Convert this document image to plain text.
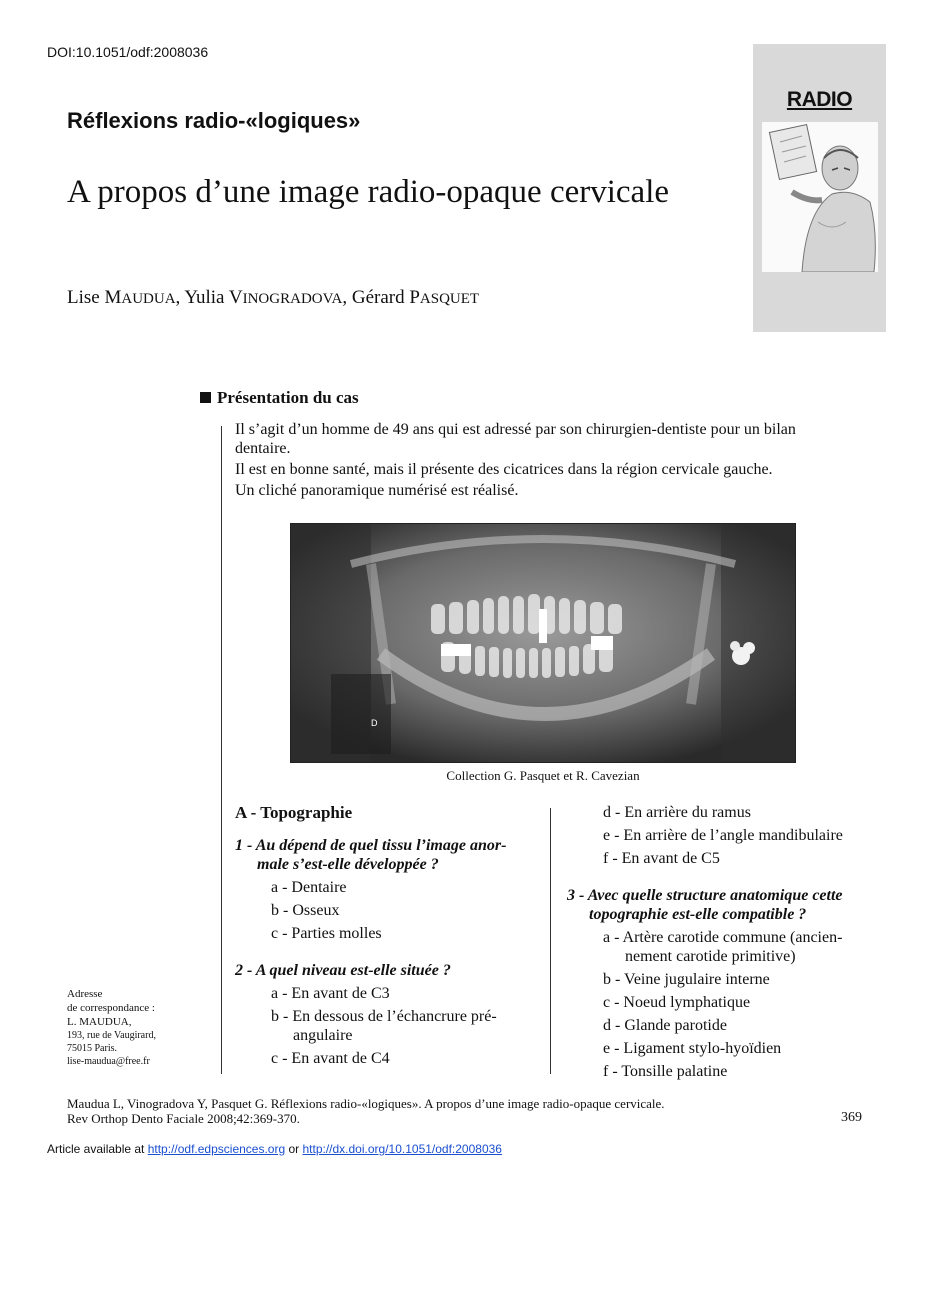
DOI:10.1051/odf:2008036
Réflexions radio-«logiques»
A propos d’une image radio-opaque cervicale
Lise MAUDUA, Yulia VINOGRADOVA, Gérard PASQUET
RADIO
Présentation du cas

Il s’agit d’un homme de 49 ans qui est adressé par son chirurgien-dentiste pour un bilan dentaire.

Il est en bonne santé, mais il présente des cicatrices dans la région cervicale gauche.

Un cliché panoramique numérisé est réalisé.

D
Collection G. Pasquet et R. Cavezian
A - Topographie
1 - Au dépend de quel tissu l’image anor-
male s’est-elle développée ?
a - Dentaire
b - Osseux
c - Parties molles
2 - A quel niveau est-elle située ?
a - En avant de C3
b - En dessous de l’échancrure pré-
angulaire
c - En avant de C4
d - En arrière du ramus
e - En arrière de l’angle mandibulaire
f - En avant de C5
3 - Avec quelle structure anatomique cette
topographie est-elle compatible ?
a - Artère carotide commune (ancien-
nement carotide primitive)
b - Veine jugulaire interne
c - Noeud lymphatique
d - Glande parotide
e - Ligament stylo-hyoïdien
f - Tonsille palatine
Adresse
de correspondance :
L. MAUDUA,
193, rue de Vaugirard,
75015 Paris.
lise-maudua@free.fr
Maudua L, Vinogradova Y, Pasquet G. Réflexions radio-«logiques». A propos d’une image radio-opaque cervicale.
Rev Orthop Dento Faciale 2008;42:369-370.	369
Article available at http://odf.edpsciences.org or http://dx.doi.org/10.1051/odf:2008036
